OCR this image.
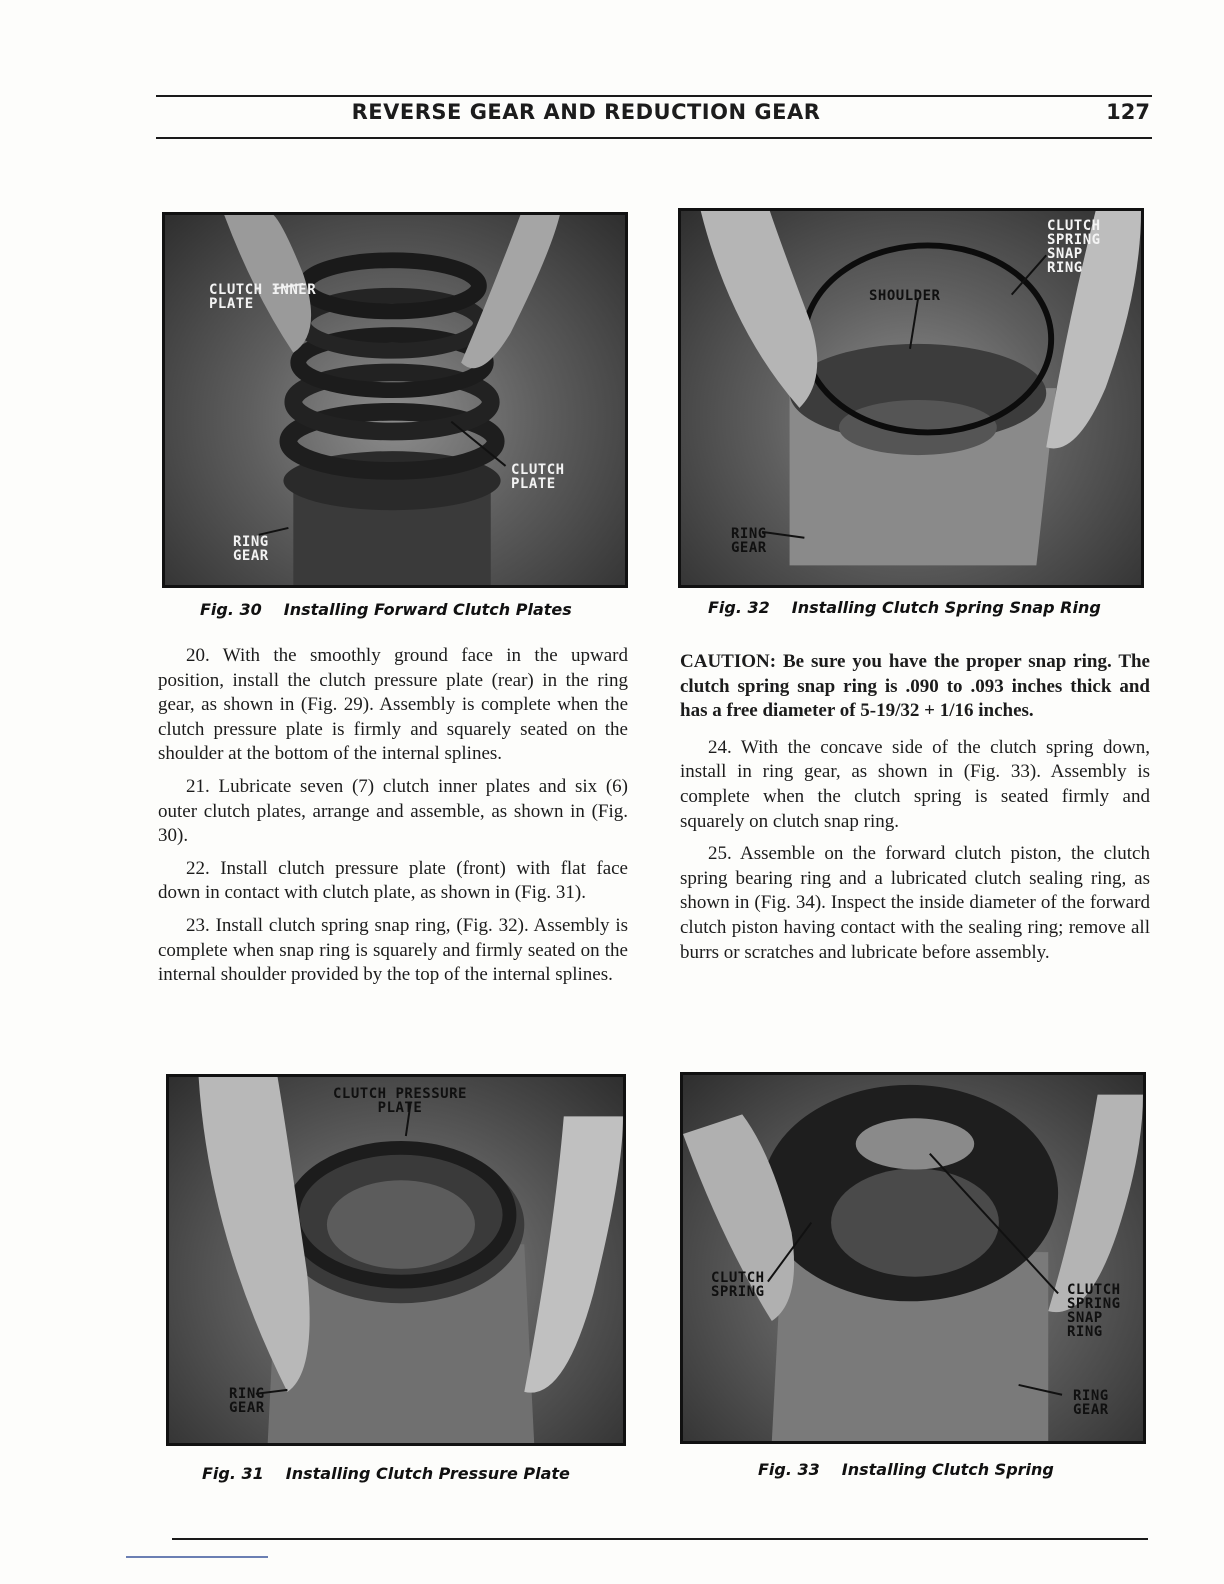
REVERSE GEAR AND REDUCTION GEAR	127
CLUTCH INNER
PLATE
CLUTCH
PLATE
RING
GEAR
Fig. 30 Installing Forward Clutch Plates
CLUTCH
SPRING
SNAP
RING
SHOULDER
RING
GEAR
Fig. 32 Installing Clutch Spring Snap Ring

20. With the smoothly ground face in the upward position, install the clutch pressure plate (rear) in the ring gear, as shown in (Fig. 29). Assembly is complete when the clutch pressure plate is firmly and squarely seated on the shoulder at the bottom of the internal splines.

21. Lubricate seven (7) clutch inner plates and six (6) outer clutch plates, arrange and assemble, as shown in (Fig. 30).

22. Install clutch pressure plate (front) with flat face down in contact with clutch plate, as shown in (Fig. 31).

23. Install clutch spring snap ring, (Fig. 32). Assembly is complete when snap ring is squarely and firmly seated on the internal shoulder provided by the top of the internal splines.

CAUTION: Be sure you have the proper snap ring. The clutch spring snap ring is .090 to .093 inches thick and has a free diameter of 5-19/32 + 1/16 inches.

24. With the concave side of the clutch spring down, install in ring gear, as shown in (Fig. 33). Assembly is complete when the clutch spring is seated firmly and squarely on clutch snap ring.

25. Assemble on the forward clutch piston, the clutch spring bearing ring and a lubricated clutch sealing ring, as shown in (Fig. 34). Inspect the inside diameter of the forward clutch piston having contact with the sealing ring; remove all burrs or scratches and lubricate before assembly.

CLUTCH PRESSURE
PLATE
RING
GEAR
Fig. 31 Installing Clutch Pressure Plate
CLUTCH
SPRING	CLUTCH
SPRING
SNAP
RING
RING
GEAR
Fig. 33 Installing Clutch Spring
